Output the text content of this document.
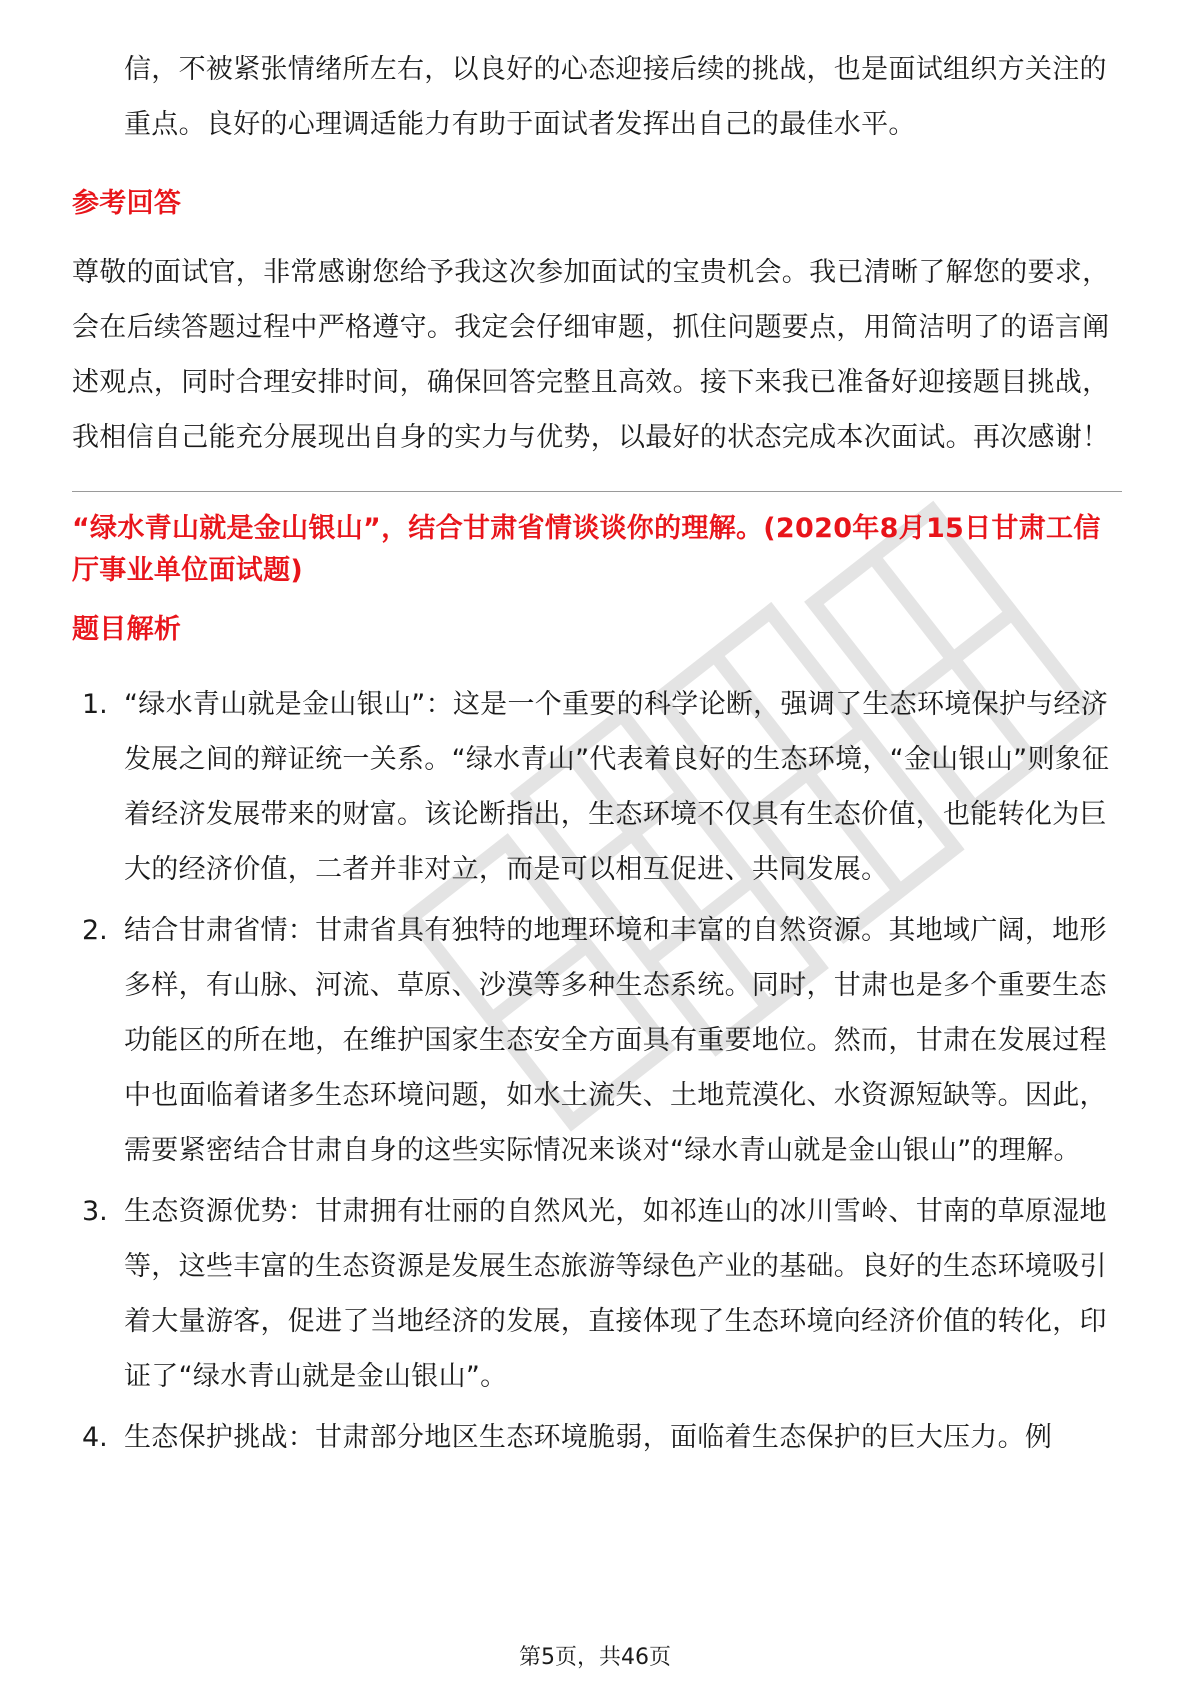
信，不被紧张情绪所左右，以良好的心态迎接后续的挑战，也是面试组织方关注的重点。良好的心理调适能力有助于面试者发挥出自己的最佳水平。

参考回答

尊敬的面试官，非常感谢您给予我这次参加面试的宝贵机会。我已清晰了解您的要求，会在后续答题过程中严格遵守。我定会仔细审题，抓住问题要点，用简洁明了的语言阐述观点，同时合理安排时间，确保回答完整且高效。接下来我已准备好迎接题目挑战，我相信自己能充分展现出自身的实力与优势，以最好的状态完成本次面试。再次感谢！

“绿水青山就是金山银山”，结合甘肃省情谈谈你的理解。(2020年8月15日甘肃工信厅事业单位面试题)

题目解析

1. “绿水青山就是金山银山”：这是一个重要的科学论断，强调了生态环境保护与经济发展之间的辩证统一关系。“绿水青山”代表着良好的生态环境，“金山银山”则象征着经济发展带来的财富。该论断指出，生态环境不仅具有生态价值，也能转化为巨大的经济价值，二者并非对立，而是可以相互促进、共同发展。

2. 结合甘肃省情：甘肃省具有独特的地理环境和丰富的自然资源。其地域广阔，地形多样，有山脉、河流、草原、沙漠等多种生态系统。同时，甘肃也是多个重要生态功能区的所在地，在维护国家生态安全方面具有重要地位。然而，甘肃在发展过程中也面临着诸多生态环境问题，如水土流失、土地荒漠化、水资源短缺等。因此，需要紧密结合甘肃自身的这些实际情况来谈对“绿水青山就是金山银山”的理解。

3. 生态资源优势：甘肃拥有壮丽的自然风光，如祁连山的冰川雪岭、甘南的草原湿地等，这些丰富的生态资源是发展生态旅游等绿色产业的基础。良好的生态环境吸引着大量游客，促进了当地经济的发展，直接体现了生态环境向经济价值的转化，印证了“绿水青山就是金山银山”。

4. 生态保护挑战：甘肃部分地区生态环境脆弱，面临着生态保护的巨大压力。例

第5页，共46页
